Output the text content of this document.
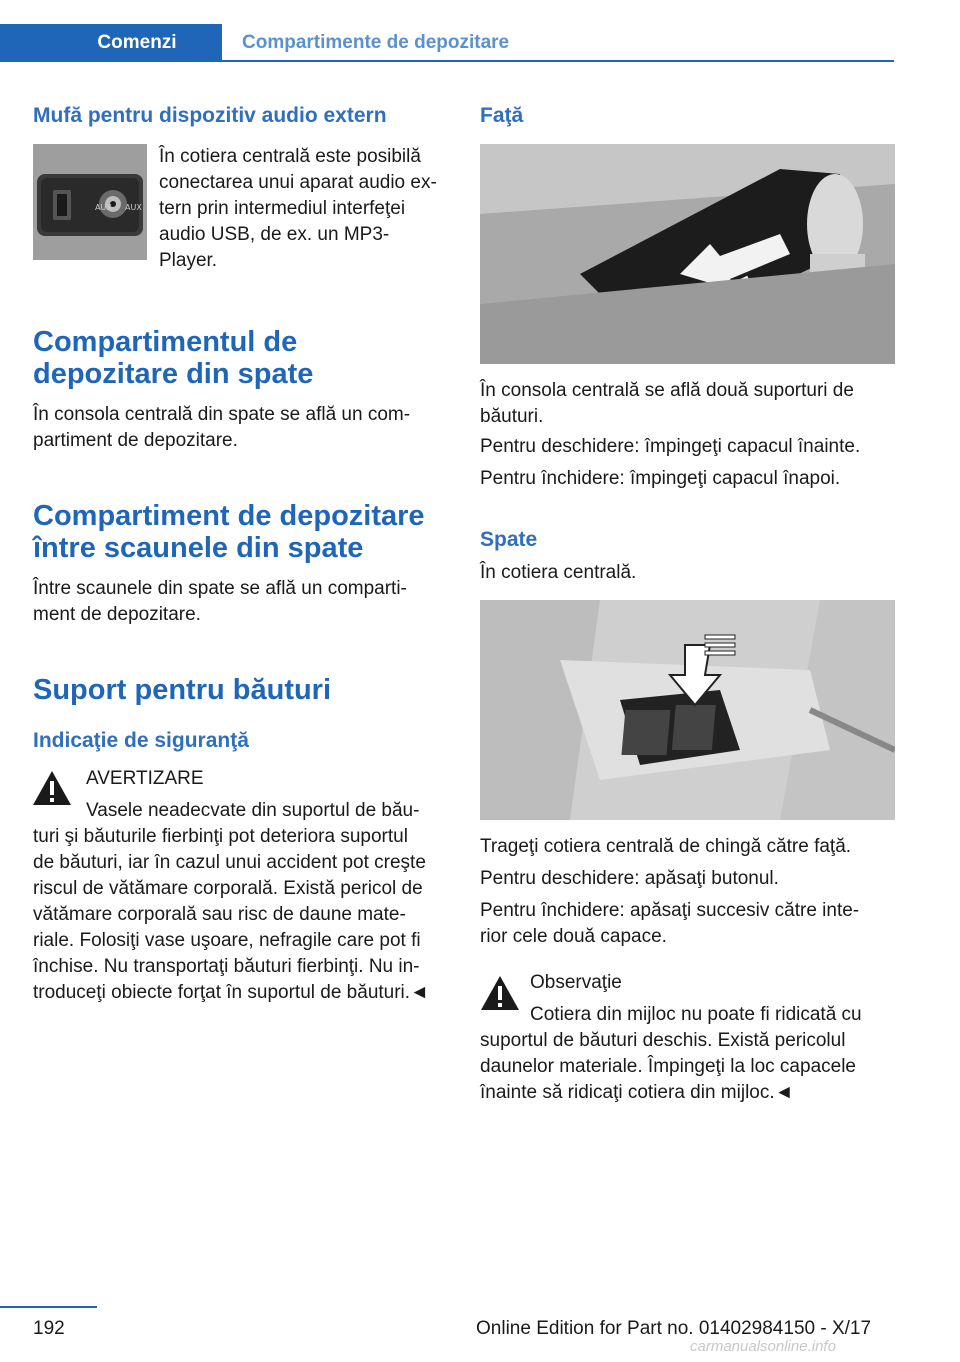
Comenzi	Compartimente de depozitare
Mufă pentru dispozitiv audio extern
AUX AUX

În cotiera centrală este posibilă

conectarea unui aparat audio ex-

tern prin intermediul interfeţei

audio USB, de ex. un MP3-

Player.

Compartimentul de
depozitare din spate

În consola centrală din spate se află un com-

partiment de depozitare.

Compartiment de depozitare
între scaunele din spate

Între scaunele din spate se află un comparti-

ment de depozitare.

Suport pentru băuturi
Indicaţie de siguranţă
AVERTIZARE
Vasele neadecvate din suportul de bău-

turi şi băuturile fierbinţi pot deteriora suportul

de băuturi, iar în cazul unui accident pot creşte

riscul de vătămare corporală. Există pericol de

vătămare corporală sau risc de daune mate-

riale. Folosiţi vase uşoare, nefragile care pot fi

închise. Nu transportaţi băuturi fierbinţi. Nu in-

troduceţi obiecte forţat în suportul de băuturi.◄

Faţă

În consola centrală se află două suporturi de

băuturi.

Pentru deschidere: împingeţi capacul înainte.
Pentru închidere: împingeţi capacul înapoi.
Spate
În cotiera centrală.
Trageţi cotiera centrală de chingă către faţă.
Pentru deschidere: apăsaţi butonul.

Pentru închidere: apăsaţi succesiv către inte-

rior cele două capace.

Observaţie
Cotiera din mijloc nu poate fi ridicată cu

suportul de băuturi deschis. Există pericolul

daunelor materiale. Împingeţi la loc capacele

înainte să ridicaţi cotiera din mijloc.◄

192	Online Edition for Part no. 01402984150 - X/17
carmanualsonline.info
